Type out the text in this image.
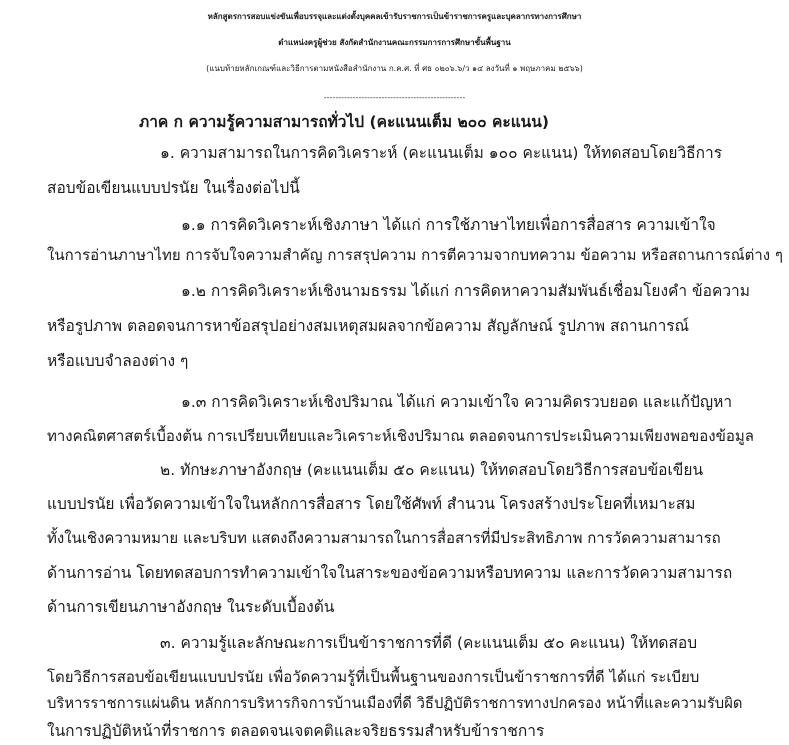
หลักสูตรการสอบแข่งขันเพื่อบรรจุและแต่งตั้งบุคคลเข้ารับราชการเป็นข้าราชการครูและบุคลากรทางการศึกษา
ตำแหน่งครูผู้ช่วย สังกัดสำนักงานคณะกรรมการการศึกษาขั้นพื้นฐาน
(แนบท้ายหลักเกณฑ์และวิธีการตามหนังสือสำนักงาน ก.ค.ศ. ที่ ศธ ๐๒๐๖.๖/ว ๑๔ ลงวันที่ ๑ พฤษภาคม ๒๕๖๖)
-------------------------------------------------
ภาค ก ความรู้ความสามารถทั่วไป (คะแนนเต็ม ๒๐๐ คะแนน)
๑. ความสามารถในการคิดวิเคราะห์ (คะแนนเต็ม ๑๐๐ คะแนน) ให้ทดสอบโดยวิธีการ
สอบข้อเขียนแบบปรนัย ในเรื่องต่อไปนี้
๑.๑ การคิดวิเคราะห์เชิงภาษา ได้แก่ การใช้ภาษาไทยเพื่อการสื่อสาร ความเข้าใจ
ในการอ่านภาษาไทย การจับใจความสำคัญ การสรุปความ การตีความจากบทความ ข้อความ หรือสถานการณ์ต่าง ๆ
๑.๒ การคิดวิเคราะห์เชิงนามธรรม ได้แก่ การคิดหาความสัมพันธ์เชื่อมโยงคำ ข้อความ
หรือรูปภาพ ตลอดจนการหาข้อสรุปอย่างสมเหตุสมผลจากข้อความ สัญลักษณ์ รูปภาพ สถานการณ์
หรือแบบจำลองต่าง ๆ
๑.๓ การคิดวิเคราะห์เชิงปริมาณ ได้แก่ ความเข้าใจ ความคิดรวบยอด และแก้ปัญหา
ทางคณิตศาสตร์เบื้องต้น การเปรียบเทียบและวิเคราะห์เชิงปริมาณ ตลอดจนการประเมินความเพียงพอของข้อมูล
๒. ทักษะภาษาอังกฤษ (คะแนนเต็ม ๕๐ คะแนน) ให้ทดสอบโดยวิธีการสอบข้อเขียน
แบบปรนัย เพื่อวัดความเข้าใจในหลักการสื่อสาร โดยใช้ศัพท์ สำนวน โครงสร้างประโยคที่เหมาะสม
ทั้งในเชิงความหมาย และบริบท แสดงถึงความสามารถในการสื่อสารที่มีประสิทธิภาพ การวัดความสามารถ
ด้านการอ่าน โดยทดสอบการทำความเข้าใจในสาระของข้อความหรือบทความ และการวัดความสามารถ
ด้านการเขียนภาษาอังกฤษ ในระดับเบื้องต้น
๓. ความรู้และลักษณะการเป็นข้าราชการที่ดี (คะแนนเต็ม ๕๐ คะแนน) ให้ทดสอบ
โดยวิธีการสอบข้อเขียนแบบปรนัย เพื่อวัดความรู้ที่เป็นพื้นฐานของการเป็นข้าราชการที่ดี ได้แก่ ระเบียบ
บริหารราชการแผ่นดิน หลักการบริหารกิจการบ้านเมืองที่ดี วิธีปฏิบัติราชการทางปกครอง หน้าที่และความรับผิด
ในการปฏิบัติหน้าที่ราชการ ตลอดจนเจตคติและจริยธรรมสำหรับข้าราชการ
